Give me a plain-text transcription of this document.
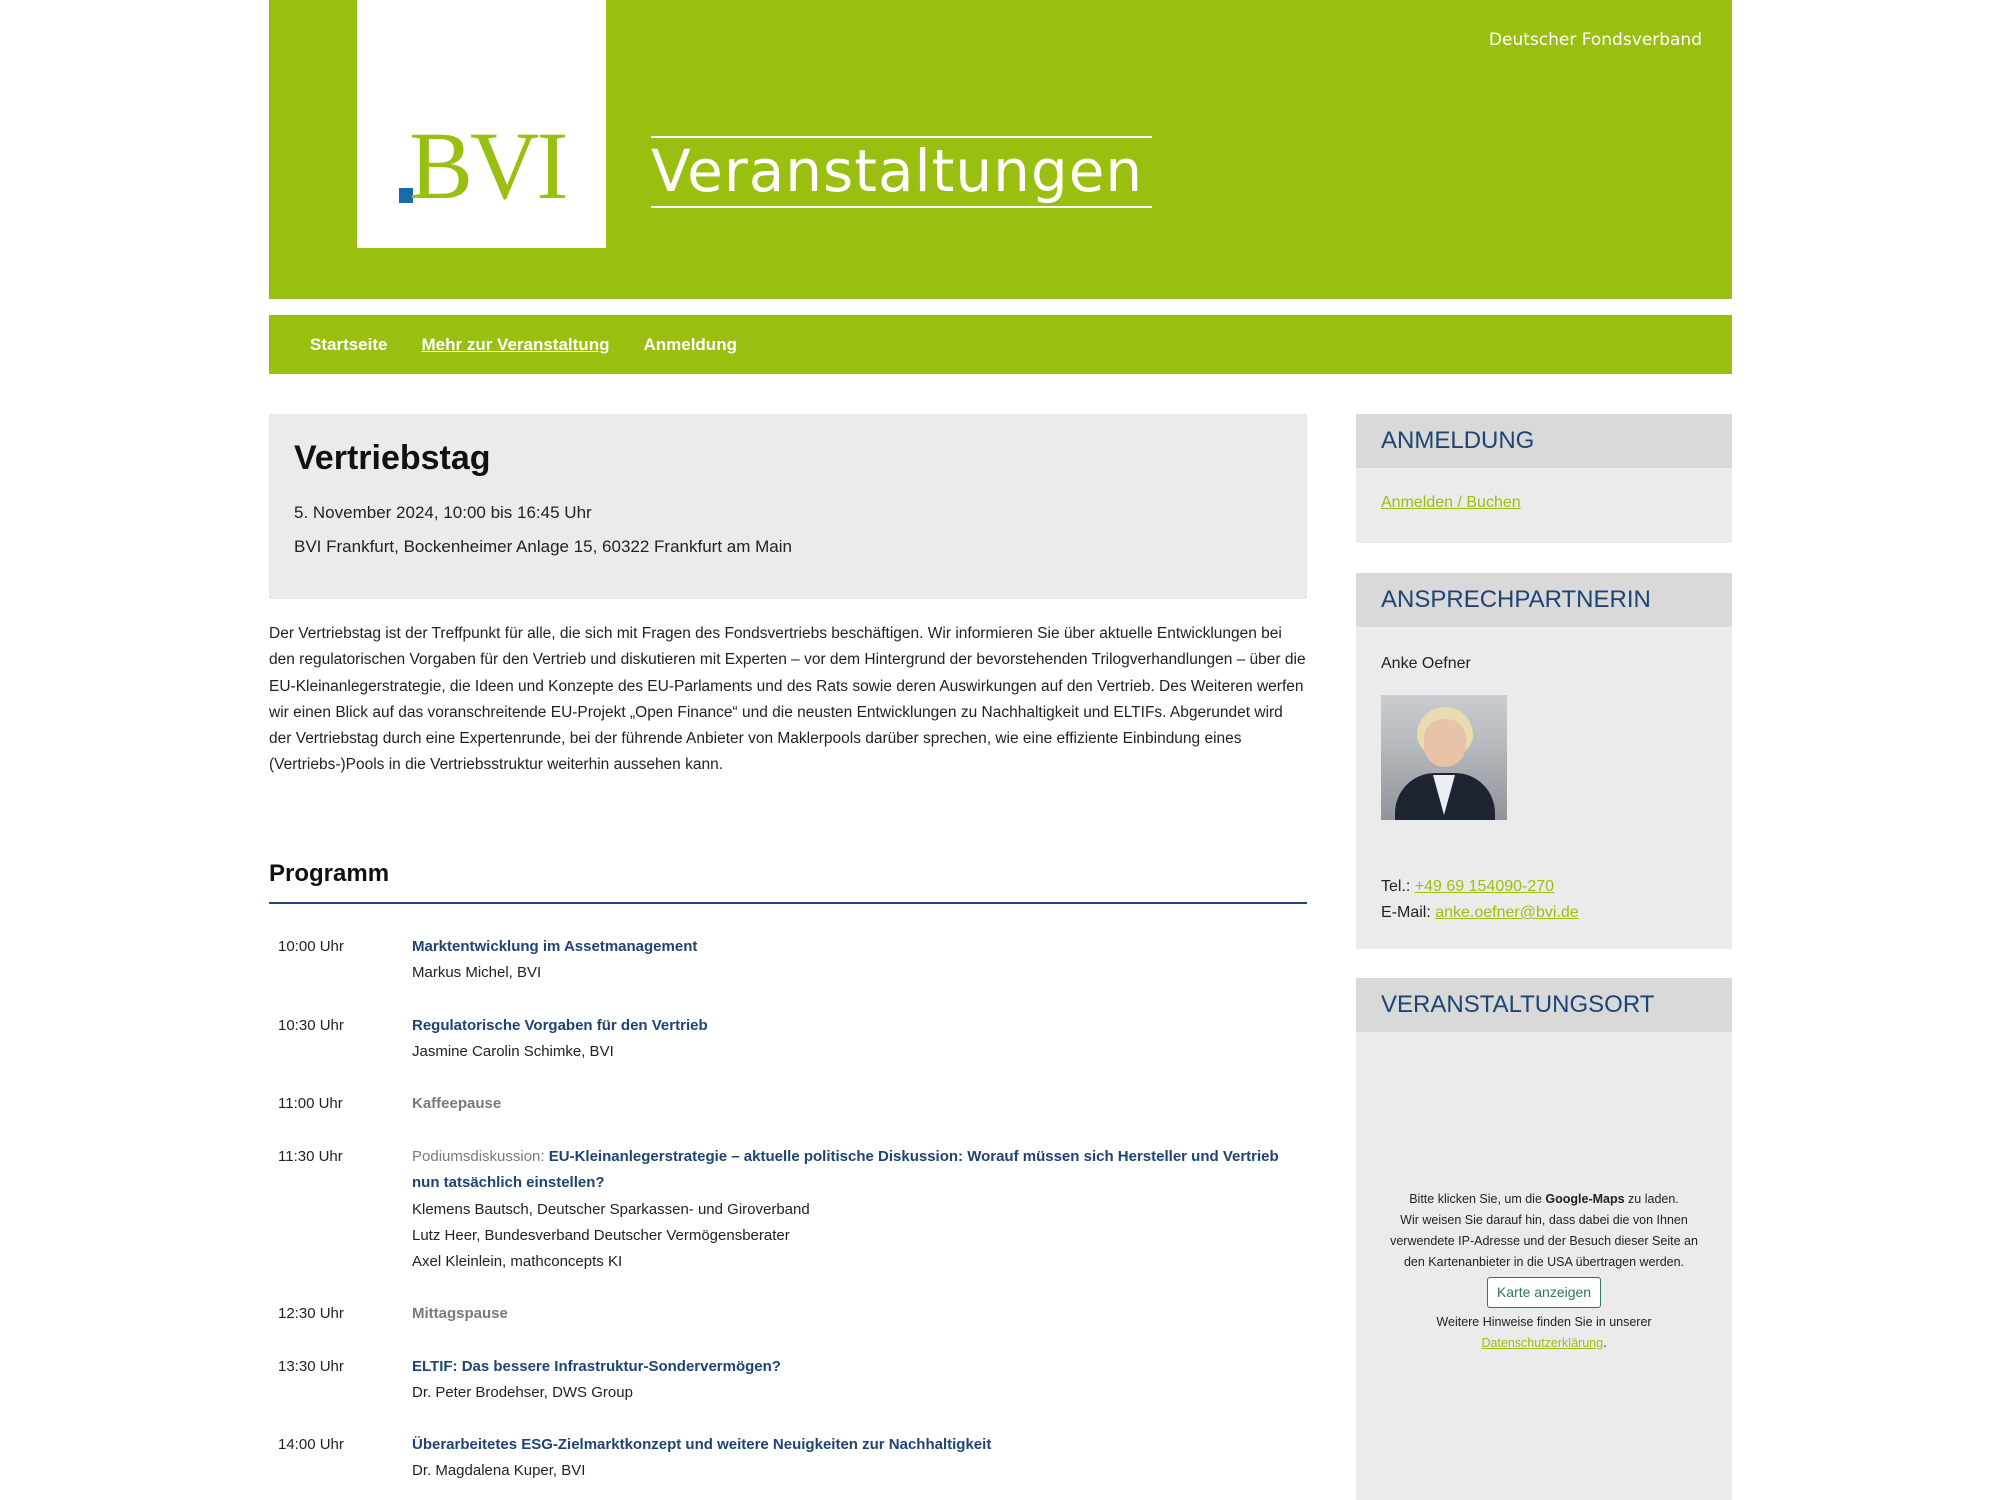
BVI Veranstaltungen
Deutscher Fondsverband
Startseite Mehr zur Veranstaltung Anmeldung
Vertriebstag
5. November 2024, 10:00 bis 16:45 Uhr
BVI Frankfurt, Bockenheimer Anlage 15, 60322 Frankfurt am Main
Der Vertriebstag ist der Treffpunkt für alle, die sich mit Fragen des Fondsvertriebs beschäftigen. Wir informieren Sie über aktuelle Entwicklungen bei den regulatorischen Vorgaben für den Vertrieb und diskutieren mit Experten – vor dem Hintergrund der bevorstehenden Trilogverhandlungen – über die EU-Kleinanlegerstrategie, die Ideen und Konzepte des EU-Parlaments und des Rats sowie deren Auswirkungen auf den Vertrieb. Des Weiteren werfen wir einen Blick auf das voranschreitende EU-Projekt „Open Finance“ und die neusten Entwicklungen zu Nachhaltigkeit und ELTIFs. Abgerundet wird der Vertriebstag durch eine Expertenrunde, bei der führende Anbieter von Maklerpools darüber sprechen, wie eine effiziente Einbindung eines (Vertriebs-)Pools in die Vertriebsstruktur weiterhin aussehen kann.
Programm
10:00 Uhr	Marktentwicklung im Assetmanagement
Markus Michel, BVI
10:30 Uhr	Regulatorische Vorgaben für den Vertrieb
Jasmine Carolin Schimke, BVI
11:00 Uhr	Kaffeepause
11:30 Uhr	Podiumsdiskussion: EU-Kleinanlegerstrategie – aktuelle politische Diskussion: Worauf müssen sich Hersteller und Vertrieb nun tatsächlich einstellen?
Klemens Bautsch, Deutscher Sparkassen- und Giroverband
Lutz Heer, Bundesverband Deutscher Vermögensberater
Axel Kleinlein, mathconcepts KI
12:30 Uhr	Mittagspause
13:30 Uhr	ELTIF: Das bessere Infrastruktur-Sondervermögen?
Dr. Peter Brodehser, DWS Group
14:00 Uhr	Überarbeitetes ESG-Zielmarktkonzept und weitere Neuigkeiten zur Nachhaltigkeit
Dr. Magdalena Kuper, BVI
ANMELDUNG
Anmelden / Buchen
ANSPRECHPARTNERIN
Anke Oefner
Tel.: +49 69 154090-270
E-Mail: anke.oefner@bvi.de
VERANSTALTUNGSORT
Bitte klicken Sie, um die Google-Maps zu laden.
Wir weisen Sie darauf hin, dass dabei die von Ihnen verwendete IP-Adresse und der Besuch dieser Seite an den Kartenanbieter in die USA übertragen werden.
Karte anzeigen
Weitere Hinweise finden Sie in unserer
Datenschutzerklärung.
